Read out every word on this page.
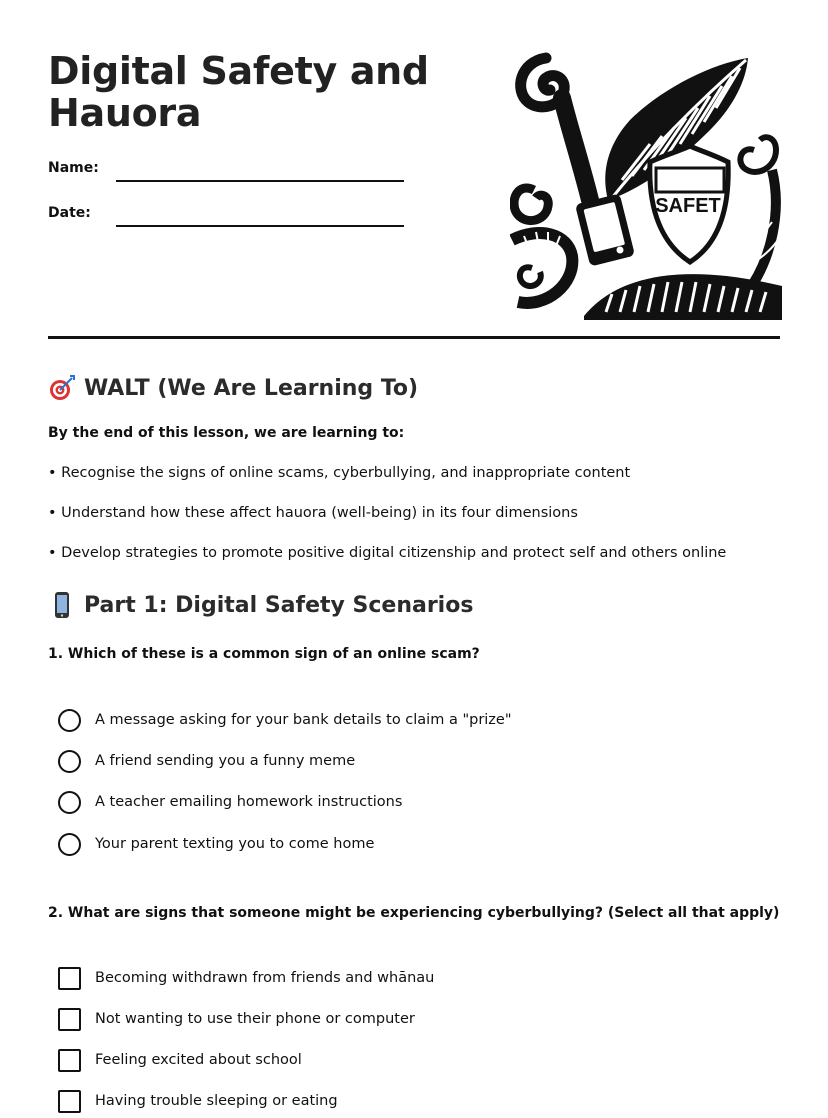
Digital Safety and Hauora
Name:
Date:	SAFET
WALT (We Are Learning To)
By the end of this lesson, we are learning to:
• Recognise the signs of online scams, cyberbullying, and inappropriate content
• Understand how these affect hauora (well-being) in its four dimensions
• Develop strategies to promote positive digital citizenship and protect self and others online
Part 1: Digital Safety Scenarios
1. Which of these is a common sign of an online scam?
A message asking for your bank details to claim a "prize"
A friend sending you a funny meme
A teacher emailing homework instructions
Your parent texting you to come home
2. What are signs that someone might be experiencing cyberbullying? (Select all that apply)
Becoming withdrawn from friends and whānau
Not wanting to use their phone or computer
Feeling excited about school
Having trouble sleeping or eating
